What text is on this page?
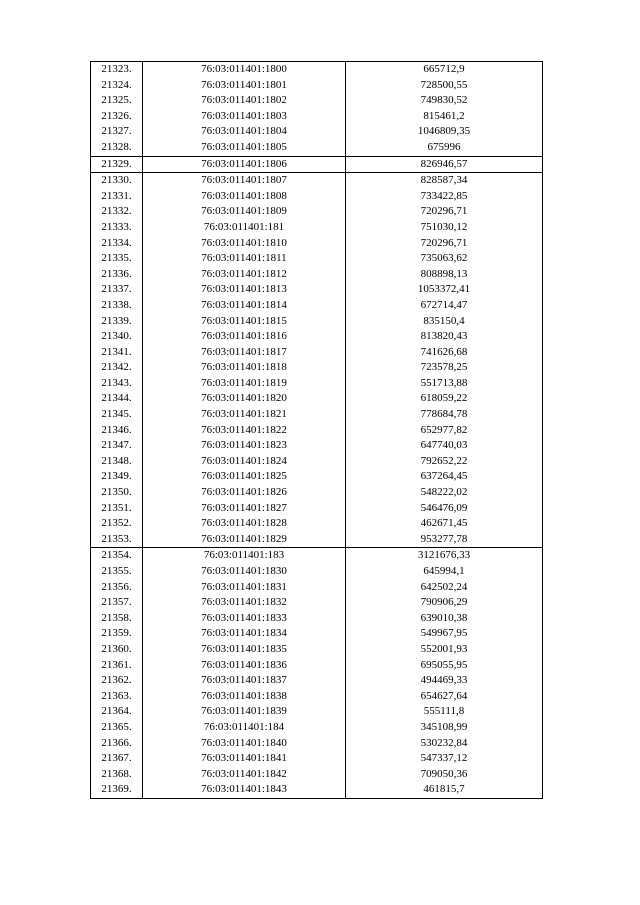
21323.	76:03:011401:1800	665712,9
21324.	76:03:011401:1801	728500,55
21325.	76:03:011401:1802	749830,52
21326.	76:03:011401:1803	815461,2
21327.	76:03:011401:1804	1046809,35
21328.	76:03:011401:1805	675996
21329.	76:03:011401:1806	826946,57
21330.	76:03:011401:1807	828587,34
21331.	76:03:011401:1808	733422,85
21332.	76:03:011401:1809	720296,71
21333.	76:03:011401:181	751030,12
21334.	76:03:011401:1810	720296,71
21335.	76:03:011401:1811	735063,62
21336.	76:03:011401:1812	808898,13
21337.	76:03:011401:1813	1053372,41
21338.	76:03:011401:1814	672714,47
21339.	76:03:011401:1815	835150,4
21340.	76:03:011401:1816	813820,43
21341.	76:03:011401:1817	741626,68
21342.	76:03:011401:1818	723578,25
21343.	76:03:011401:1819	551713,88
21344.	76:03:011401:1820	618059,22
21345.	76:03:011401:1821	778684,78
21346.	76:03:011401:1822	652977,82
21347.	76:03:011401:1823	647740,03
21348.	76:03:011401:1824	792652,22
21349.	76:03:011401:1825	637264,45
21350.	76:03:011401:1826	548222,02
21351.	76:03:011401:1827	546476,09
21352.	76:03:011401:1828	462671,45
21353.	76:03:011401:1829	953277,78
21354.	76:03:011401:183	3121676,33
21355.	76:03:011401:1830	645994,1
21356.	76:03:011401:1831	642502,24
21357.	76:03:011401:1832	790906,29
21358.	76:03:011401:1833	639010,38
21359.	76:03:011401:1834	549967,95
21360.	76:03:011401:1835	552001,93
21361.	76:03:011401:1836	695055,95
21362.	76:03:011401:1837	494469,33
21363.	76:03:011401:1838	654627,64
21364.	76:03:011401:1839	555111,8
21365.	76:03:011401:184	345108,99
21366.	76:03:011401:1840	530232,84
21367.	76:03:011401:1841	547337,12
21368.	76:03:011401:1842	709050,36
21369.	76:03:011401:1843	461815,7
